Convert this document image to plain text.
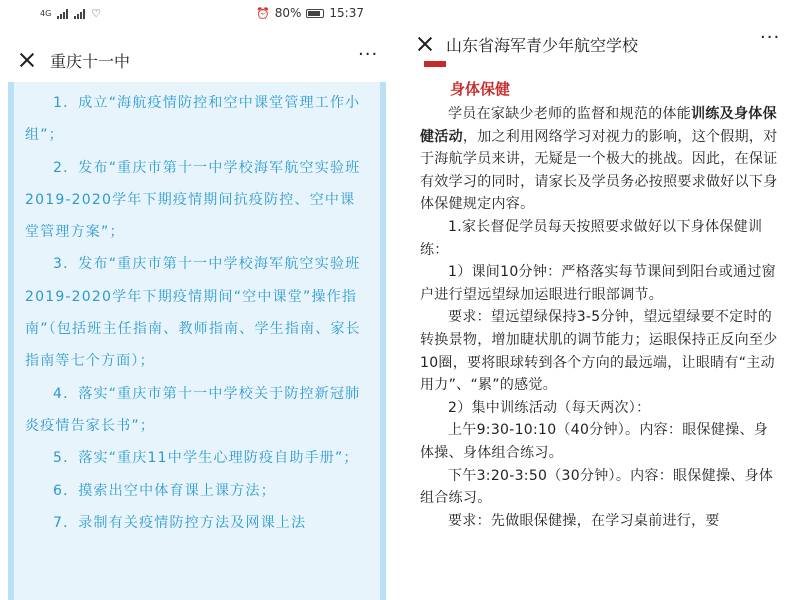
4G	♡	⏰ 80% 15:37
重庆十一中	···

1．成立“海航疫情防控和空中课堂管理工作小组”；

2．发布“重庆市第十一中学校海军航空实验班2019-2020学年下期疫情期间抗疫防控、空中课堂管理方案”；

3．发布“重庆市第十一中学校海军航空实验班2019-2020学年下期疫情期间“空中课堂”操作指南”（包括班主任指南、教师指南、学生指南、家长指南等七个方面）；

4．落实“重庆市第十一中学校关于防控新冠肺炎疫情告家长书”；

5．落实“重庆11中学生心理防疫自助手册”；

6．摸索出空中体育课上课方法；

7．录制有关疫情防控方法及网课上法

山东省海军青少年航空学校	···
身体保健

学员在家缺少老师的监督和规范的体能训练及身体保健活动，加之利用网络学习对视力的影响，这个假期，对于海航学员来讲，无疑是一个极大的挑战。因此，在保证有效学习的同时，请家长及学员务必按照要求做好以下身体保健规定内容。

1.家长督促学员每天按照要求做好以下身体保健训练：

1）课间10分钟：严格落实每节课间到阳台或通过窗户进行望远望绿加运眼进行眼部调节。

要求：望远望绿保持3-5分钟，望远望绿要不定时的转换景物，增加睫状肌的调节能力；运眼保持正反向至少10圈，要将眼球转到各个方向的最远端，让眼睛有“主动用力”、“累”的感觉。

2）集中训练活动（每天两次）：

上午9:30-10:10（40分钟）。内容：眼保健操、身体操、身体组合练习。

下午3:20-3:50（30分钟）。内容：眼保健操、身体组合练习。

要求：先做眼保健操，在学习桌前进行，要
